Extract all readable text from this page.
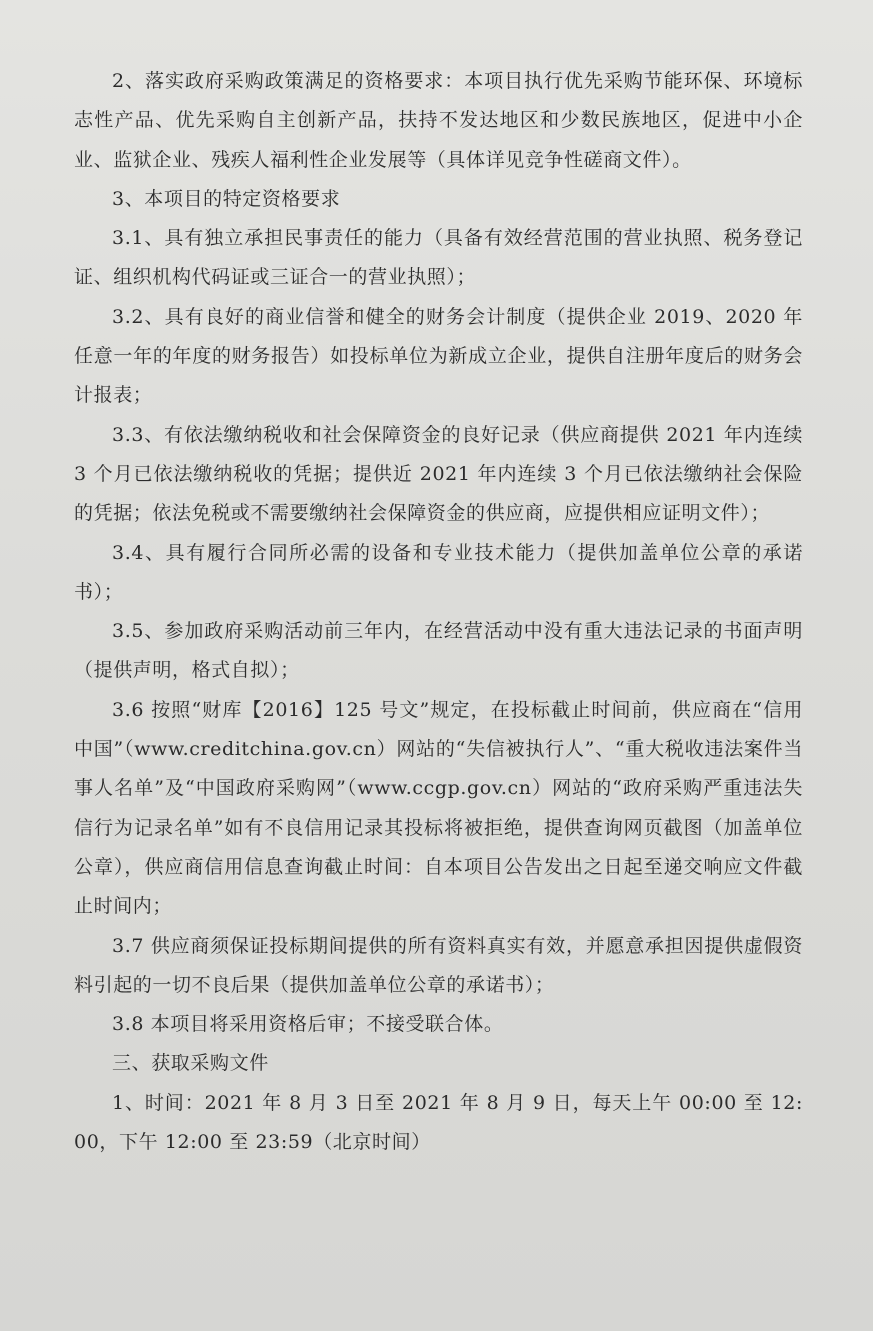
2、落实政府采购政策满足的资格要求：本项目执行优先采购节能环保、环境标志性产品、优先采购自主创新产品，扶持不发达地区和少数民族地区，促进中小企业、监狱企业、残疾人福利性企业发展等（具体详见竞争性磋商文件）。

3、本项目的特定资格要求

3.1、具有独立承担民事责任的能力（具备有效经营范围的营业执照、税务登记证、组织机构代码证或三证合一的营业执照）；

3.2、具有良好的商业信誉和健全的财务会计制度（提供企业 2019、2020 年任意一年的年度的财务报告）如投标单位为新成立企业，提供自注册年度后的财务会计报表；

3.3、有依法缴纳税收和社会保障资金的良好记录（供应商提供 2021 年内连续 3 个月已依法缴纳税收的凭据；提供近 2021 年内连续 3 个月已依法缴纳社会保险的凭据；依法免税或不需要缴纳社会保障资金的供应商，应提供相应证明文件）；

3.4、具有履行合同所必需的设备和专业技术能力（提供加盖单位公章的承诺书）；

3.5、参加政府采购活动前三年内，在经营活动中没有重大违法记录的书面声明（提供声明，格式自拟）；

3.6 按照“财库【2016】125 号文”规定，在投标截止时间前，供应商在“信用中国”（www.creditchina.gov.cn）网站的“失信被执行人”、“重大税收违法案件当事人名单”及“中国政府采购网”（www.ccgp.gov.cn）网站的“政府采购严重违法失信行为记录名单”如有不良信用记录其投标将被拒绝，提供查询网页截图（加盖单位公章），供应商信用信息查询截止时间：自本项目公告发出之日起至递交响应文件截止时间内；

3.7 供应商须保证投标期间提供的所有资料真实有效，并愿意承担因提供虚假资料引起的一切不良后果（提供加盖单位公章的承诺书）；

3.8 本项目将采用资格后审；不接受联合体。

三、获取采购文件

1、时间：2021 年 8 月 3 日至 2021 年 8 月 9 日，每天上午 00:00 至 12:00，下午 12:00 至 23:59（北京时间）
